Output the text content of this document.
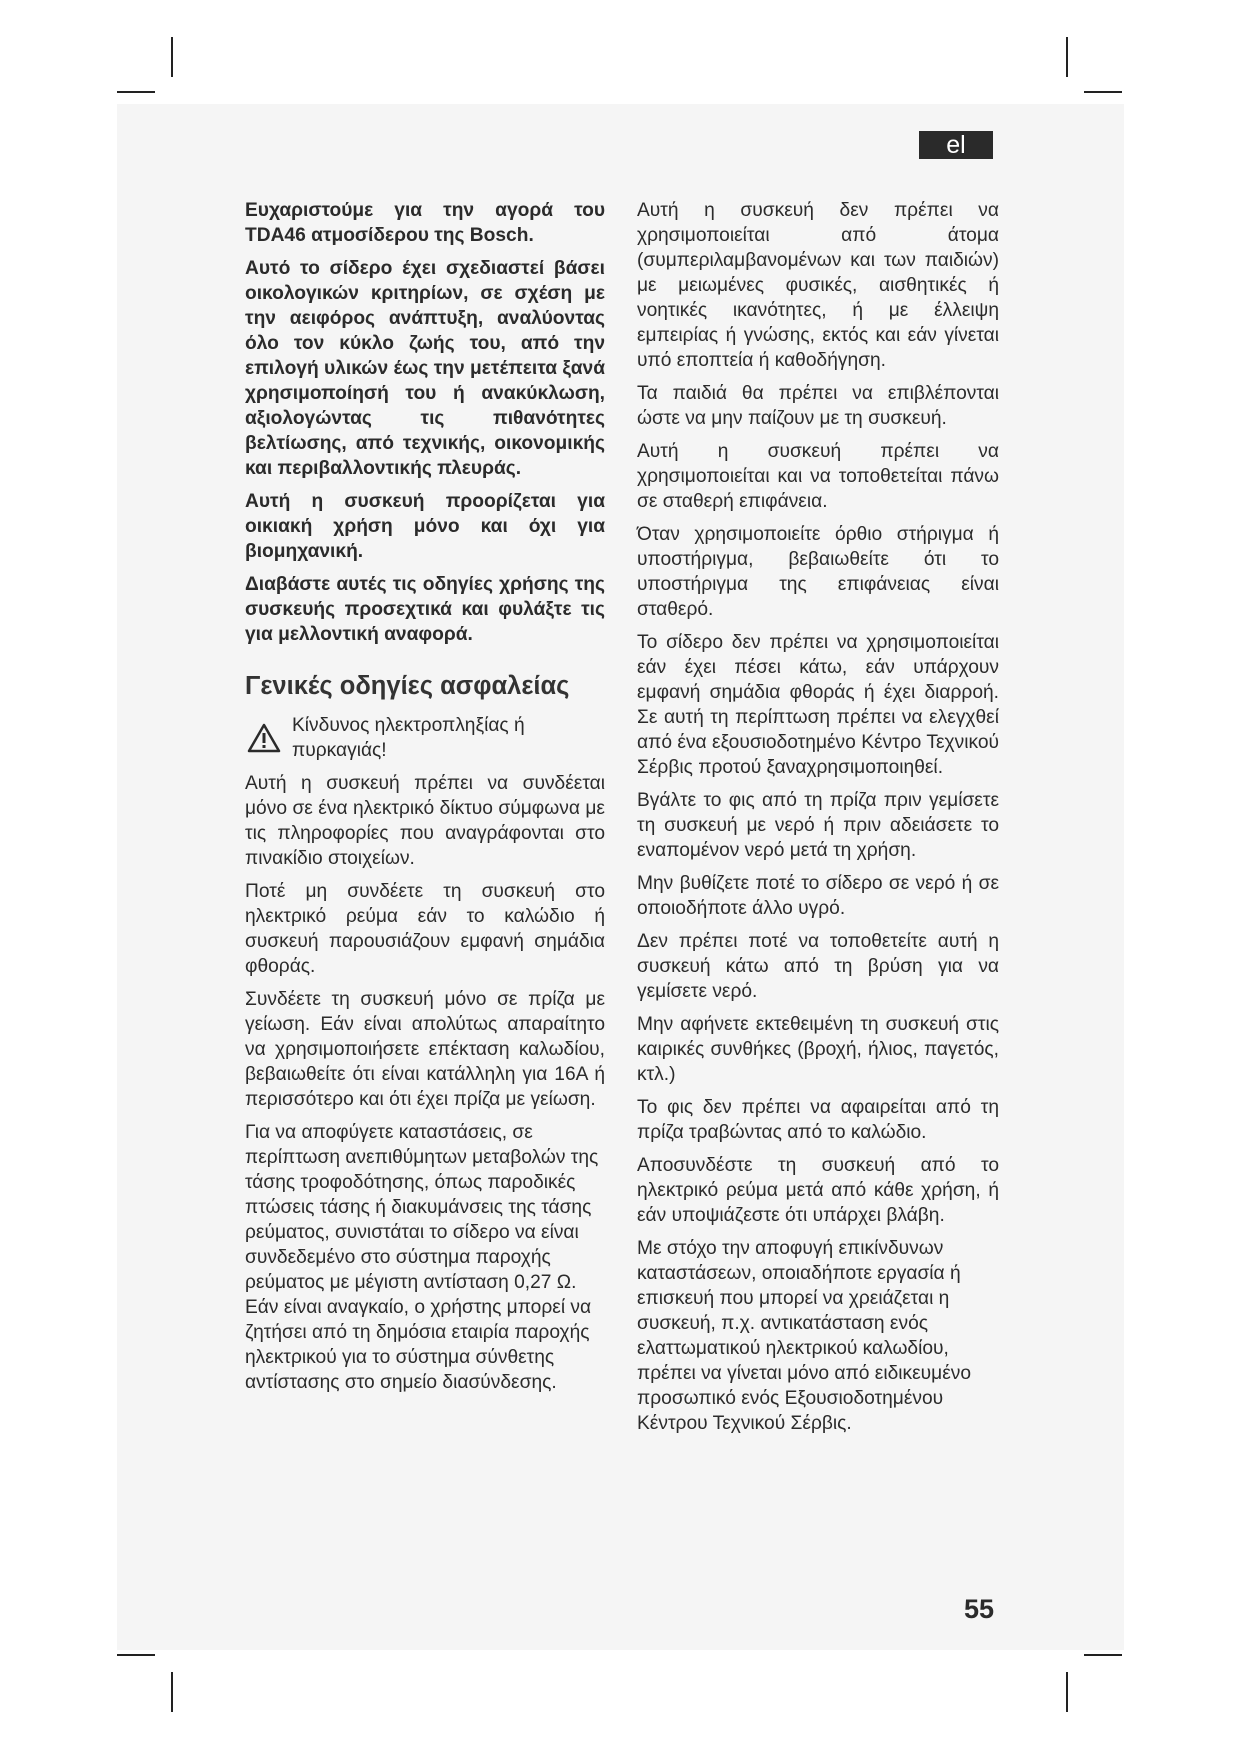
el

Ευχαριστούμε για την αγορά του TDA46 ατμοσίδερου της Bosch.

Αυτό το σίδερο έχει σχεδιαστεί βάσει οικολογικών κριτηρίων, σε σχέση με την αειφόρος ανάπτυξη, αναλύοντας όλο τον κύκλο ζωής του, από την επιλογή υλικών έως την μετέπειτα ξανά χρησιμοποίησή του ή ανακύκλωση, αξιολογώντας τις πιθανότητες βελτίωσης, από τεχνικής, οικονομικής και περιβαλλοντικής πλευράς.

Αυτή η συσκευή προορίζεται για οικιακή χρήση μόνο και όχι για βιομηχανική.

Διαβάστε αυτές τις οδηγίες χρήσης της συσκευής προσεχτικά και φυλάξτε τις για μελλοντική αναφορά.

Γενικές οδηγίες ασφαλείας
Κίνδυνος ηλεκτροπληξίας ή πυρκαγιάς!

Αυτή η συσκευή πρέπει να συνδέεται μόνο σε ένα ηλεκτρικό δίκτυο σύμφωνα με τις πληροφορίες που αναγράφονται στο πινακίδιο στοιχείων.

Ποτέ μη συνδέετε τη συσκευή στο ηλεκτρικό ρεύμα εάν το καλώδιο ή συσκευή παρουσιάζουν εμφανή σημάδια φθοράς.

Συνδέετε τη συσκευή μόνο σε πρίζα με γείωση. Εάν είναι απολύτως απαραίτητο να χρησιμοποιήσετε επέκταση καλωδίου, βεβαιωθείτε ότι είναι κατάλληλη για 16A ή περισσότερο και ότι έχει πρίζα με γείωση.

Για να αποφύγετε καταστάσεις, σε περίπτωση ανεπιθύμητων μεταβολών της τάσης τροφοδότησης, όπως παροδικές πτώσεις τάσης ή διακυμάνσεις της τάσης ρεύματος, συνιστάται το σίδερο να είναι συνδεδεμένο στο σύστημα παροχής ρεύματος με μέγιστη αντίσταση 0,27 Ω. Εάν είναι αναγκαίο, ο χρήστης μπορεί να ζητήσει από τη δημόσια εταιρία παροχής ηλεκτρικού για το σύστημα σύνθετης αντίστασης στο σημείο διασύνδεσης.

Αυτή η συσκευή δεν πρέπει να χρησιμοποιείται από άτομα (συμπεριλαμβανομένων και των παιδιών) με μειωμένες φυσικές, αισθητικές ή νοητικές ικανότητες, ή με έλλειψη εμπειρίας ή γνώσης, εκτός και εάν γίνεται υπό εποπτεία ή καθοδήγηση.

Τα παιδιά θα πρέπει να επιβλέπονται ώστε να μην παίζουν με τη συσκευή.

Αυτή η συσκευή πρέπει να χρησιμοποιείται και να τοποθετείται πάνω σε σταθερή επιφάνεια.

Όταν χρησιμοποιείτε όρθιο στήριγμα ή υποστήριγμα, βεβαιωθείτε ότι το υποστήριγμα της επιφάνειας είναι σταθερό.

Το σίδερο δεν πρέπει να χρησιμοποιείται εάν έχει πέσει κάτω, εάν υπάρχουν εμφανή σημάδια φθοράς ή έχει διαρροή. Σε αυτή τη περίπτωση πρέπει να ελεγχθεί από ένα εξουσιοδοτημένο Κέντρο Τεχνικού Σέρβις προτού ξαναχρησιμοποιηθεί.

Βγάλτε το φις από τη πρίζα πριν γεμίσετε τη συσκευή με νερό ή πριν αδειάσετε το εναπομένον νερό μετά τη χρήση.

Μην βυθίζετε ποτέ το σίδερο σε νερό ή σε οποιοδήποτε άλλο υγρό.

Δεν πρέπει ποτέ να τοποθετείτε αυτή η συσκευή κάτω από τη βρύση για να γεμίσετε νερό.

Μην αφήνετε εκτεθειμένη τη συσκευή στις καιρικές συνθήκες (βροχή, ήλιος, παγετός, κτλ.)

Το φις δεν πρέπει να αφαιρείται από τη πρίζα τραβώντας από το καλώδιο.

Αποσυνδέστε τη συσκευή από το ηλεκτρικό ρεύμα μετά από κάθε χρήση, ή εάν υποψιάζεστε ότι υπάρχει βλάβη.

Με στόχο την αποφυγή επικίνδυνων καταστάσεων, οποιαδήποτε εργασία ή επισκευή που μπορεί να χρειάζεται η συσκευή, π.χ. αντικατάσταση ενός ελαττωματικού ηλεκτρικού καλωδίου, πρέπει να γίνεται μόνο από ειδικευμένο προσωπικό ενός Εξουσιοδοτημένου Κέντρου Τεχνικού Σέρβις.

55
